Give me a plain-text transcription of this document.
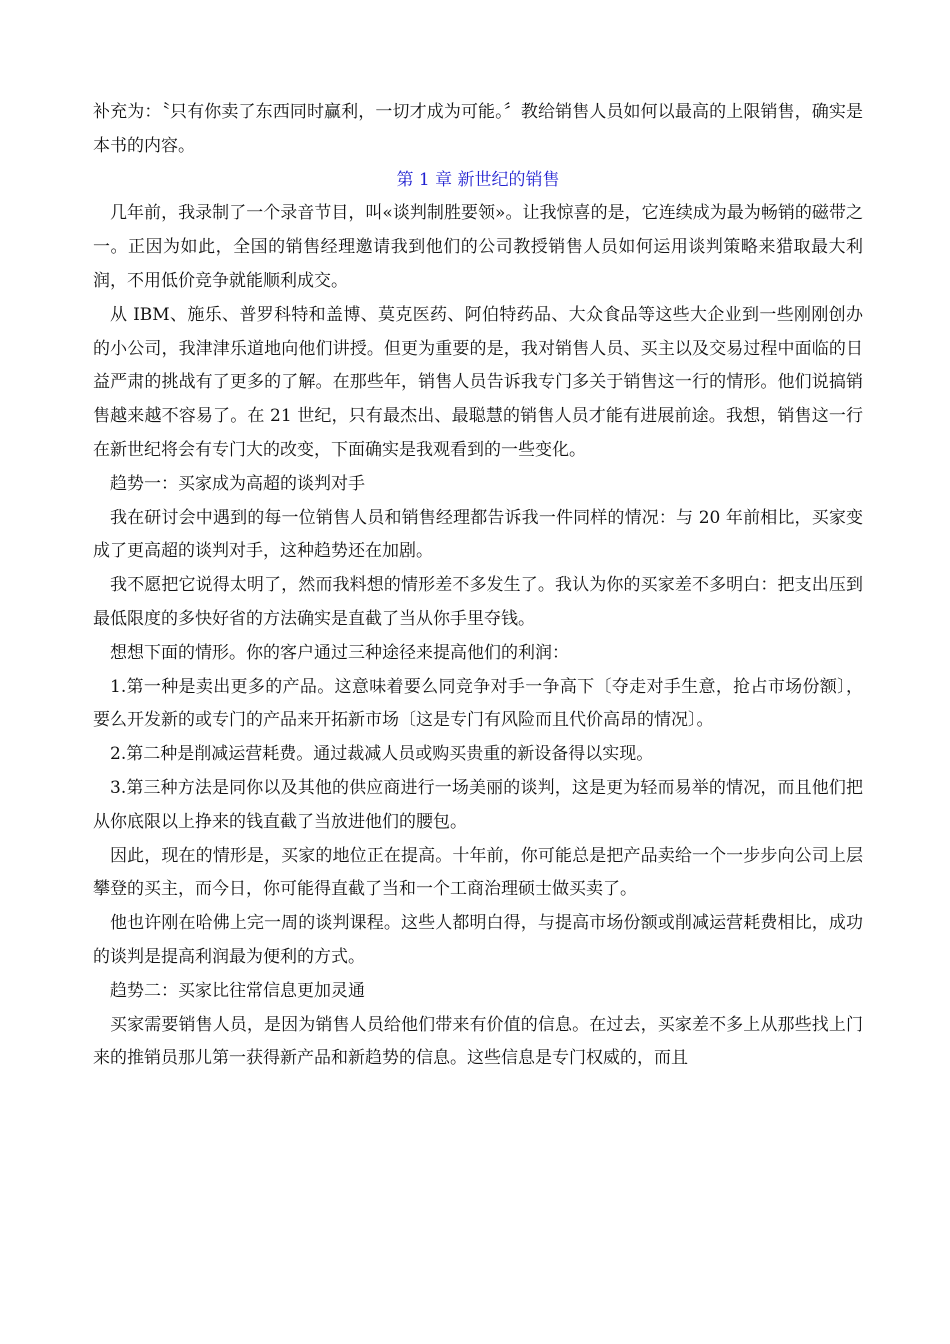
补充为：〝只有你卖了东西同时赢利，一切才成为可能。〞教给销售人员如何以最高的上限销售，确实是本书的内容。

第 1 章 新世纪的销售

几年前，我录制了一个录音节目，叫«谈判制胜要领»。让我惊喜的是，它连续成为最为畅销的磁带之一。正因为如此，全国的销售经理邀请我到他们的公司教授销售人员如何运用谈判策略来猎取最大利润，不用低价竞争就能顺利成交。

从 IBM、施乐、普罗科特和盖博、莫克医药、阿伯特药品、大众食品等这些大企业到一些刚刚创办的小公司，我津津乐道地向他们讲授。但更为重要的是，我对销售人员、买主以及交易过程中面临的日益严肃的挑战有了更多的了解。在那些年，销售人员告诉我专门多关于销售这一行的情形。他们说搞销售越来越不容易了。在 21 世纪，只有最杰出、最聪慧的销售人员才能有进展前途。我想，销售这一行在新世纪将会有专门大的改变，下面确实是我观看到的一些变化。

趋势一：买家成为高超的谈判对手

我在研讨会中遇到的每一位销售人员和销售经理都告诉我一件同样的情况：与 20 年前相比，买家变成了更高超的谈判对手，这种趋势还在加剧。

我不愿把它说得太明了，然而我料想的情形差不多发生了。我认为你的买家差不多明白：把支出压到最低限度的多快好省的方法确实是直截了当从你手里夺钱。

想想下面的情形。你的客户通过三种途径来提高他们的利润：

1.第一种是卖出更多的产品。这意味着要么同竞争对手一争高下〔夺走对手生意，抢占市场份额〕，要么开发新的或专门的产品来开拓新市场〔这是专门有风险而且代价高昂的情况〕。

2.第二种是削减运营耗费。通过裁减人员或购买贵重的新设备得以实现。

3.第三种方法是同你以及其他的供应商进行一场美丽的谈判，这是更为轻而易举的情况，而且他们把从你底限以上挣来的钱直截了当放进他们的腰包。

因此，现在的情形是，买家的地位正在提高。十年前，你可能总是把产品卖给一个一步步向公司上层攀登的买主，而今日，你可能得直截了当和一个工商治理硕士做买卖了。

他也许刚在哈佛上完一周的谈判课程。这些人都明白得，与提高市场份额或削减运营耗费相比，成功的谈判是提高利润最为便利的方式。

趋势二：买家比往常信息更加灵通

买家需要销售人员，是因为销售人员给他们带来有价值的信息。在过去，买家差不多上从那些找上门来的推销员那儿第一获得新产品和新趋势的信息。这些信息是专门权威的，而且
